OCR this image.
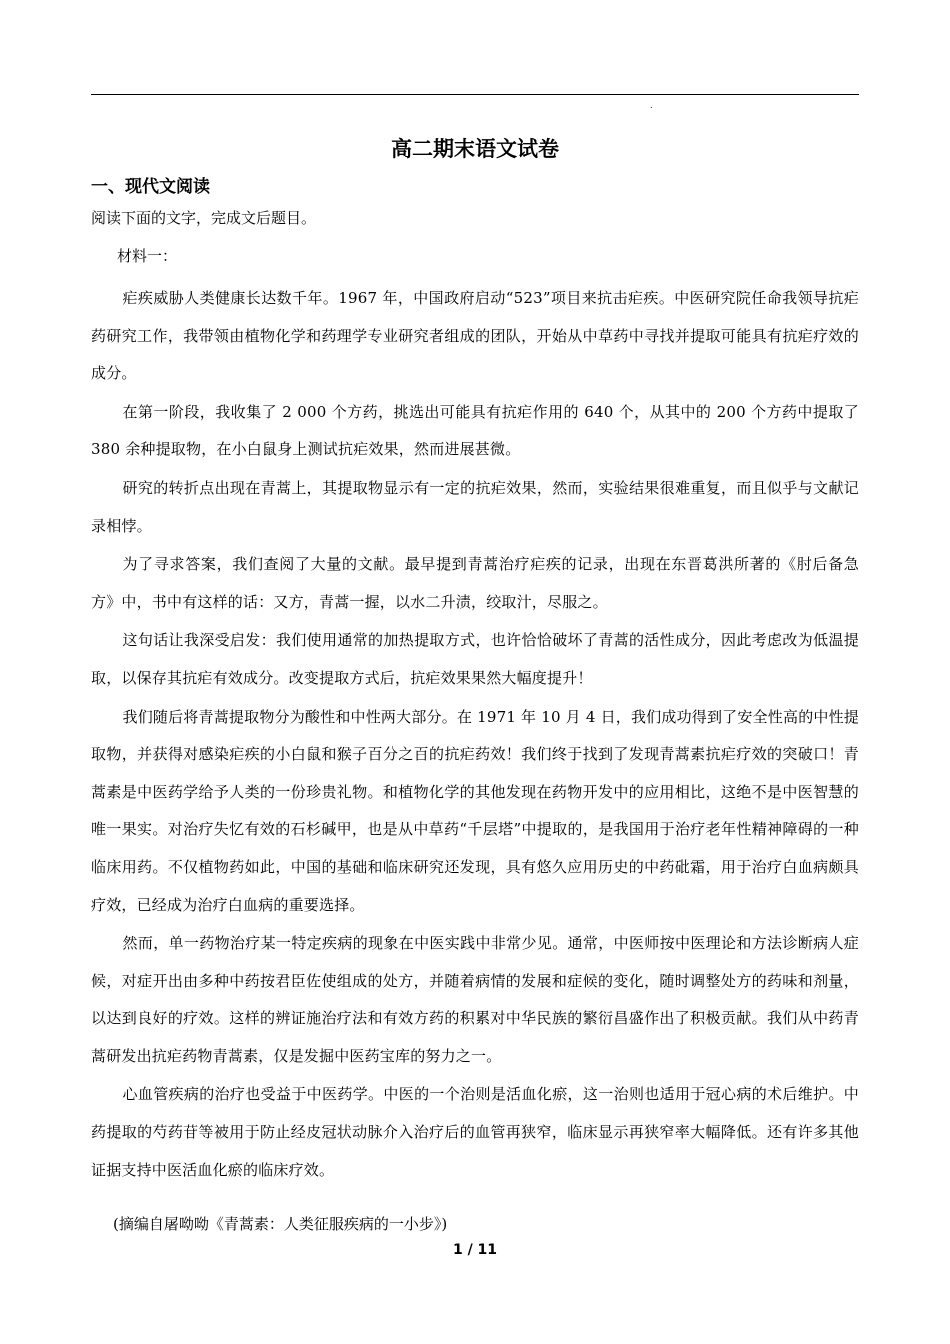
.
高二期末语文试卷
一、现代文阅读

阅读下面的文字，完成文后题目。

材料一：

疟疾威胁人类健康长达数千年。1967 年，中国政府启动“523”项目来抗击疟疾。中医研究院任命我领导抗疟药研究工作，我带领由植物化学和药理学专业研究者组成的团队，开始从中草药中寻找并提取可能具有抗疟疗效的成分。

在第一阶段，我收集了 2 000 个方药，挑选出可能具有抗疟作用的 640 个，从其中的 200 个方药中提取了 380 余种提取物，在小白鼠身上测试抗疟效果，然而进展甚微。

研究的转折点出现在青蒿上，其提取物显示有一定的抗疟效果，然而，实验结果很难重复，而且似乎与文献记录相悖。

为了寻求答案，我们查阅了大量的文献。最早提到青蒿治疗疟疾的记录，出现在东晋葛洪所著的《肘后备急方》中，书中有这样的话：又方，青蒿一握，以水二升渍，绞取汁，尽服之。

这句话让我深受启发：我们使用通常的加热提取方式，也许恰恰破坏了青蒿的活性成分，因此考虑改为低温提取，以保存其抗疟有效成分。改变提取方式后，抗疟效果果然大幅度提升！

我们随后将青蒿提取物分为酸性和中性两大部分。在 1971 年 10 月 4 日，我们成功得到了安全性高的中性提取物，并获得对感染疟疾的小白鼠和猴子百分之百的抗疟药效！我们终于找到了发现青蒿素抗疟疗效的突破口！青蒿素是中医药学给予人类的一份珍贵礼物。和植物化学的其他发现在药物开发中的应用相比，这绝不是中医智慧的唯一果实。对治疗失忆有效的石杉碱甲，也是从中草药“千层塔”中提取的，是我国用于治疗老年性精神障碍的一种临床用药。不仅植物药如此，中国的基础和临床研究还发现，具有悠久应用历史的中药砒霜，用于治疗白血病颇具疗效，已经成为治疗白血病的重要选择。

然而，单一药物治疗某一特定疾病的现象在中医实践中非常少见。通常，中医师按中医理论和方法诊断病人症候，对症开出由多种中药按君臣佐使组成的处方，并随着病情的发展和症候的变化，随时调整处方的药味和剂量，以达到良好的疗效。这样的辨证施治疗法和有效方药的积累对中华民族的繁衍昌盛作出了积极贡献。我们从中药青蒿研发出抗疟药物青蒿素，仅是发掘中医药宝库的努力之一。

心血管疾病的治疗也受益于中医药学。中医的一个治则是活血化瘀，这一治则也适用于冠心病的术后维护。中药提取的芍药苷等被用于防止经皮冠状动脉介入治疗后的血管再狭窄，临床显示再狭窄率大幅降低。还有许多其他证据支持中医活血化瘀的临床疗效。

(摘编自屠呦呦《青蒿素：人类征服疾病的一小步》)

1 / 11
